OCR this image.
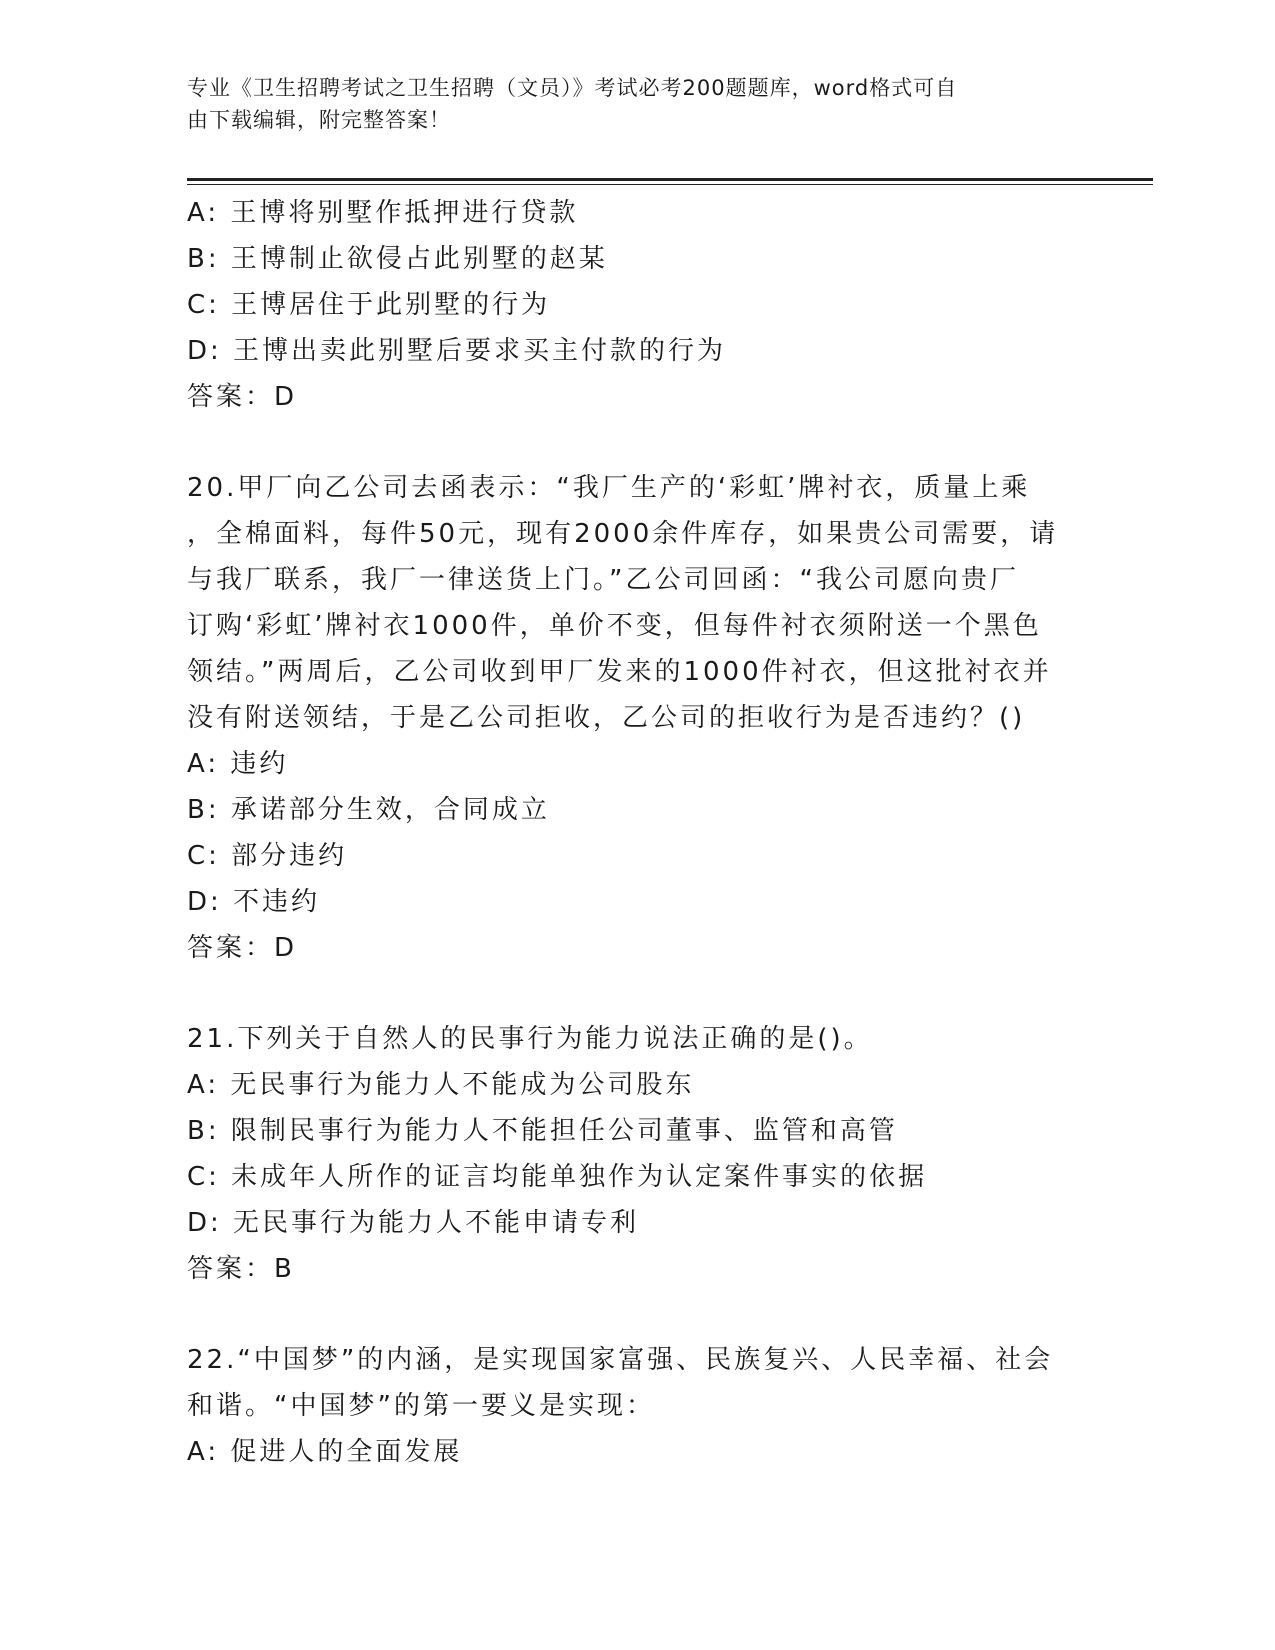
专业《卫生招聘考试之卫生招聘（文员）》考试必考200题题库，word格式可自
由下载编辑，附完整答案！
A: 王博将别墅作抵押进行贷款
B: 王博制止欲侵占此别墅的赵某
C: 王博居住于此别墅的行为
D: 王博出卖此别墅后要求买主付款的行为
答案：D
20.甲厂向乙公司去函表示：“我厂生产的‘彩虹’牌衬衣，质量上乘
，全棉面料，每件50元，现有2000余件库存，如果贵公司需要，请
与我厂联系，我厂一律送货上门。”乙公司回函：“我公司愿向贵厂
订购‘彩虹’牌衬衣1000件，单价不变，但每件衬衣须附送一个黑色
领结。”两周后，乙公司收到甲厂发来的1000件衬衣，但这批衬衣并
没有附送领结，于是乙公司拒收，乙公司的拒收行为是否违约？()
A: 违约
B: 承诺部分生效，合同成立
C: 部分违约
D: 不违约
答案：D
21.下列关于自然人的民事行为能力说法正确的是()。
A: 无民事行为能力人不能成为公司股东
B: 限制民事行为能力人不能担任公司董事、监管和高管
C: 未成年人所作的证言均能单独作为认定案件事实的依据
D: 无民事行为能力人不能申请专利
答案：B
22.“中国梦”的内涵，是实现国家富强、民族复兴、人民幸福、社会
和谐。“中国梦”的第一要义是实现：
A: 促进人的全面发展
